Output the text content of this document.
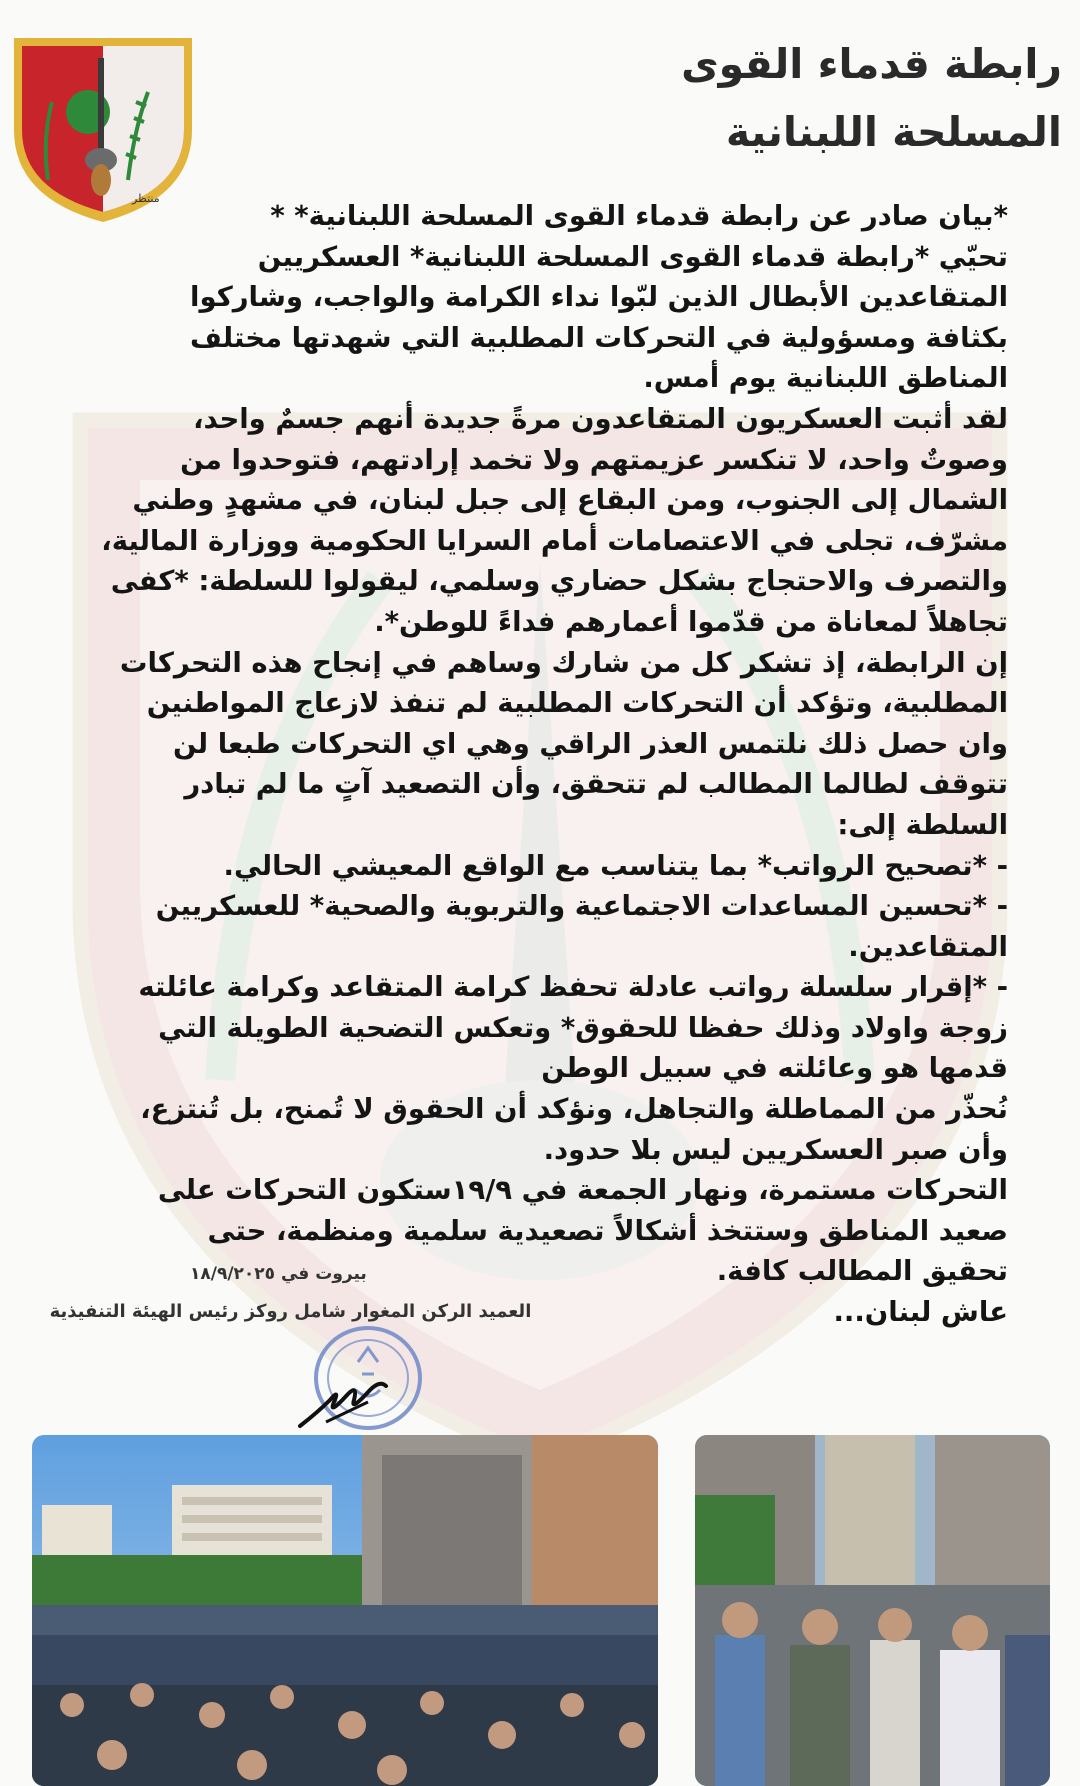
منتظر
رابطة قدماء القوى
المسلحة اللبنانية
*بيان صادر عن رابطة قدماء القوى المسلحة اللبنانية* *
تحيّي *رابطة قدماء القوى المسلحة اللبنانية* العسكريين
المتقاعدين الأبطال الذين لبّوا نداء الكرامة والواجب، وشاركوا
بكثافة ومسؤولية في التحركات المطلبية التي شهدتها مختلف
المناطق اللبنانية يوم أمس.
لقد أثبت العسكريون المتقاعدون مرةً جديدة أنهم جسمٌ واحد،
وصوتٌ واحد، لا تنكسر عزيمتهم ولا تخمد إرادتهم، فتوحدوا من
الشمال إلى الجنوب، ومن البقاع إلى جبل لبنان، في مشهدٍ وطني
مشرّف، تجلى في الاعتصامات أمام السرايا الحكومية ووزارة المالية،
والتصرف والاحتجاج بشكل حضاري وسلمي، ليقولوا للسلطة: *كفى
تجاهلاً لمعاناة من قدّموا أعمارهم فداءً للوطن*.
إن الرابطة، إذ تشكر كل من شارك وساهم في إنجاح هذه التحركات
المطلبية، وتؤكد أن التحركات المطلبية لم تنفذ لازعاج المواطنين
وان حصل ذلك نلتمس العذر الراقي وهي اي التحركات طبعا لن
تتوقف لطالما المطالب لم تتحقق، وأن التصعيد آتٍ ما لم تبادر
السلطة إلى:
- *تصحيح الرواتب* بما يتناسب مع الواقع المعيشي الحالي.
- *تحسين المساعدات الاجتماعية والتربوية والصحية* للعسكريين
المتقاعدين.
- *إقرار سلسلة رواتب عادلة تحفظ كرامة المتقاعد وكرامة عائلته
زوجة واولاد وذلك حفظا للحقوق* وتعكس التضحية الطويلة التي
قدمها هو وعائلته في سبيل الوطن
نُحذّر من المماطلة والتجاهل، ونؤكد أن الحقوق لا تُمنح، بل تُنتزع،
وأن صبر العسكريين ليس بلا حدود.
التحركات مستمرة، ونهار الجمعة في ١٩/٩ستكون التحركات على
صعيد المناطق وستتخذ أشكالاً تصعيدية سلمية ومنظمة، حتى
تحقيق المطالب كافة.
عاش لبنان...
بيروت في ١٨/٩/٢٠٢٥
العميد الركن المغوار شامل روكز رئيس الهيئة التنفيذية
